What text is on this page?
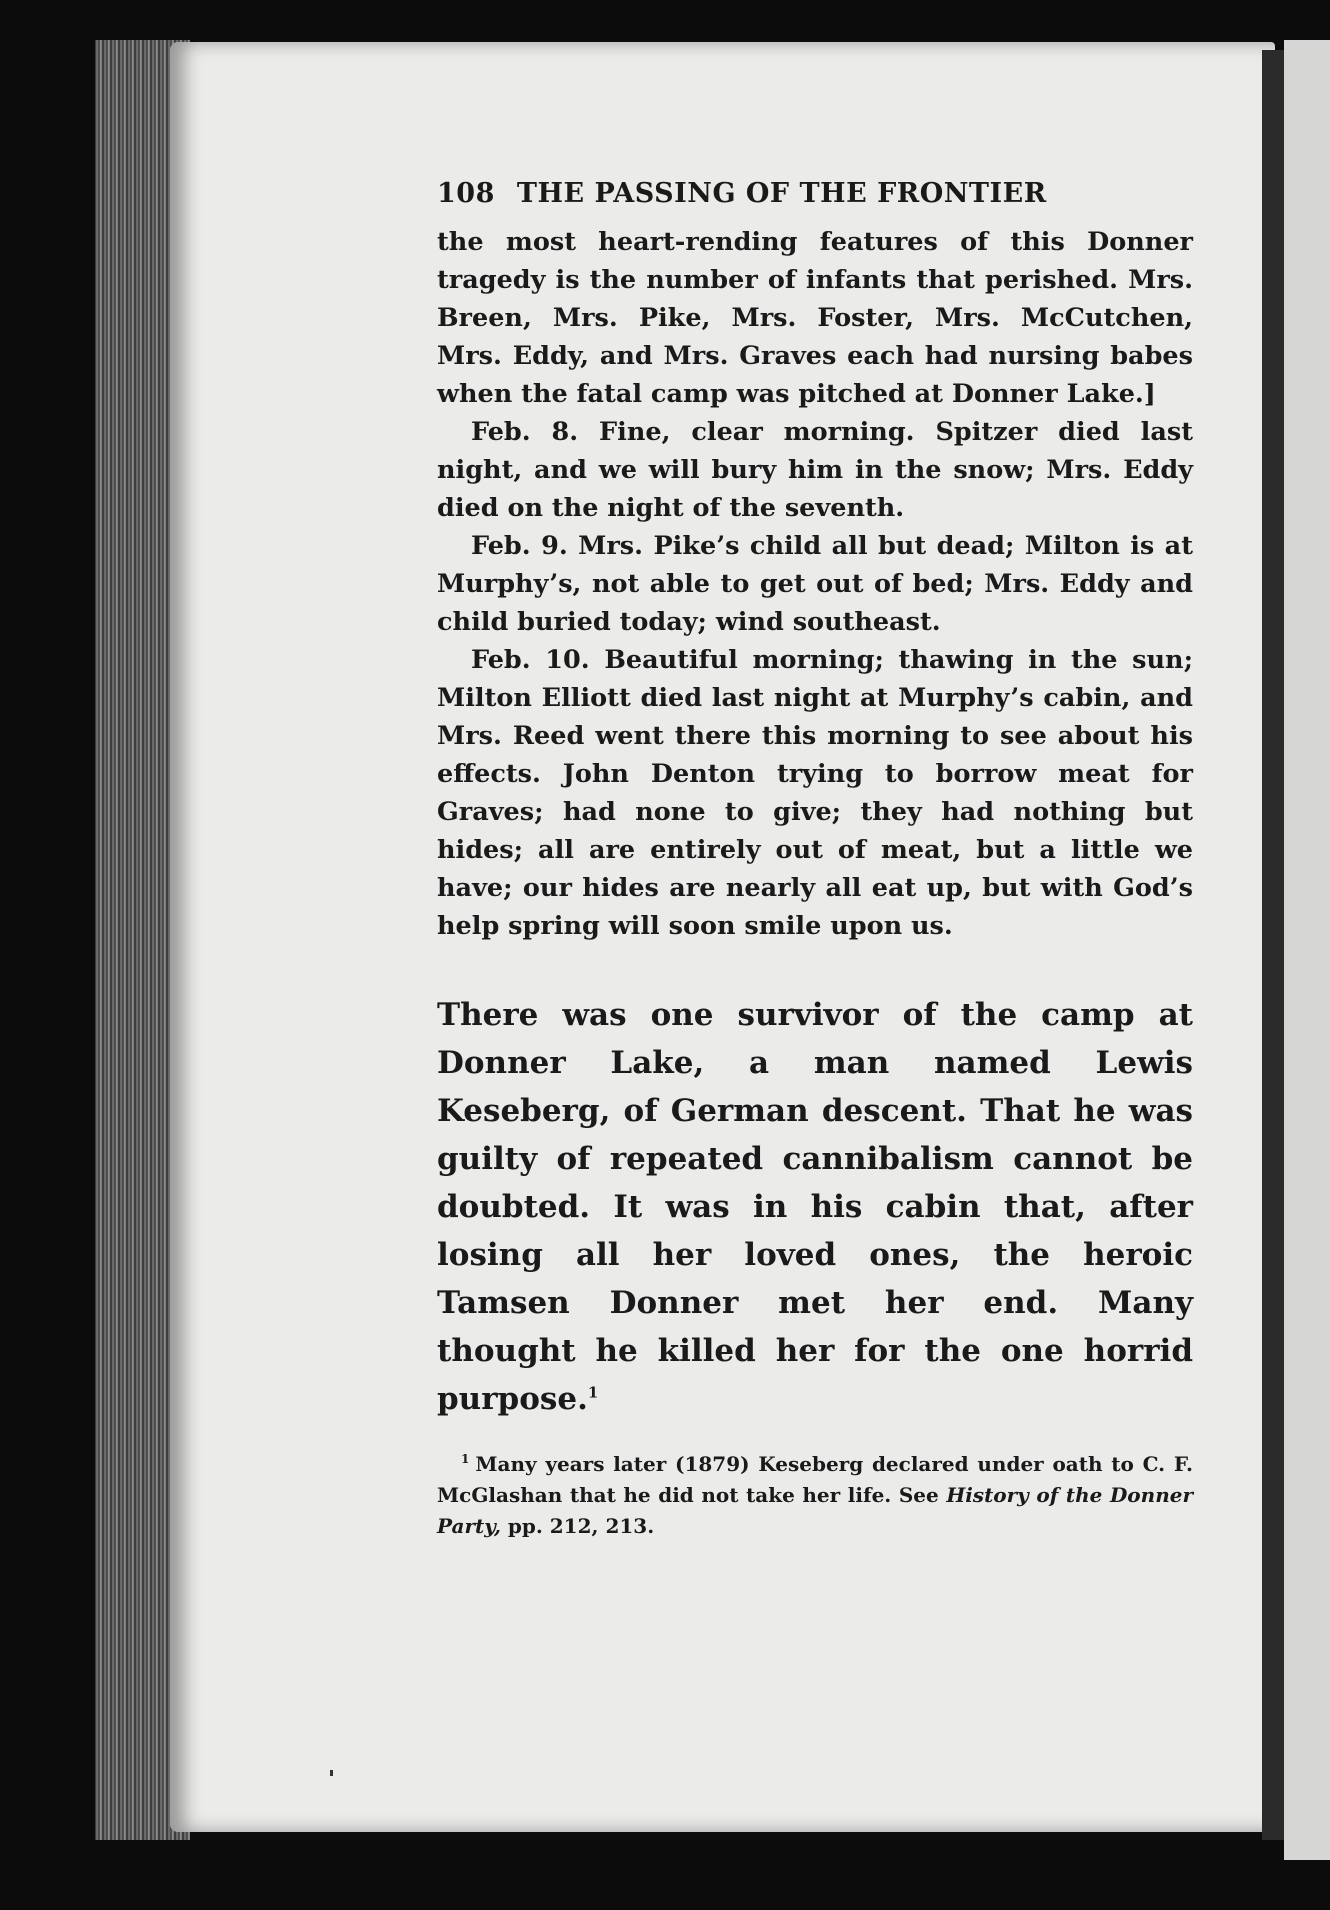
108 THE PASSING OF THE FRONTIER

the most heart-rending features of this Donner tragedy is the number of infants that perished. Mrs. Breen, Mrs. Pike, Mrs. Foster, Mrs. McCutchen, Mrs. Eddy, and Mrs. Graves each had nursing babes when the fatal camp was pitched at Donner Lake.]

Feb. 8. Fine, clear morning. Spitzer died last night, and we will bury him in the snow; Mrs. Eddy died on the night of the seventh.

Feb. 9. Mrs. Pike’s child all but dead; Milton is at Murphy’s, not able to get out of bed; Mrs. Eddy and child buried today; wind southeast.

Feb. 10. Beautiful morning; thawing in the sun; Milton Elliott died last night at Murphy’s cabin, and Mrs. Reed went there this morning to see about his effects. John Denton trying to borrow meat for Graves; had none to give; they had nothing but hides; all are entirely out of meat, but a little we have; our hides are nearly all eat up, but with God’s help spring will soon smile upon us.

There was one survivor of the camp at Donner Lake, a man named Lewis Keseberg, of German descent. That he was guilty of repeated cannibalism cannot be doubted. It was in his cabin that, after losing all her loved ones, the heroic Tamsen Donner met her end. Many thought he killed her for the one horrid purpose.$^1$

$^1$ Many years later (1879) Keseberg declared under oath to C. F. McGlashan that he did not take her life. See History of the Donner Party, pp. 212, 213.
